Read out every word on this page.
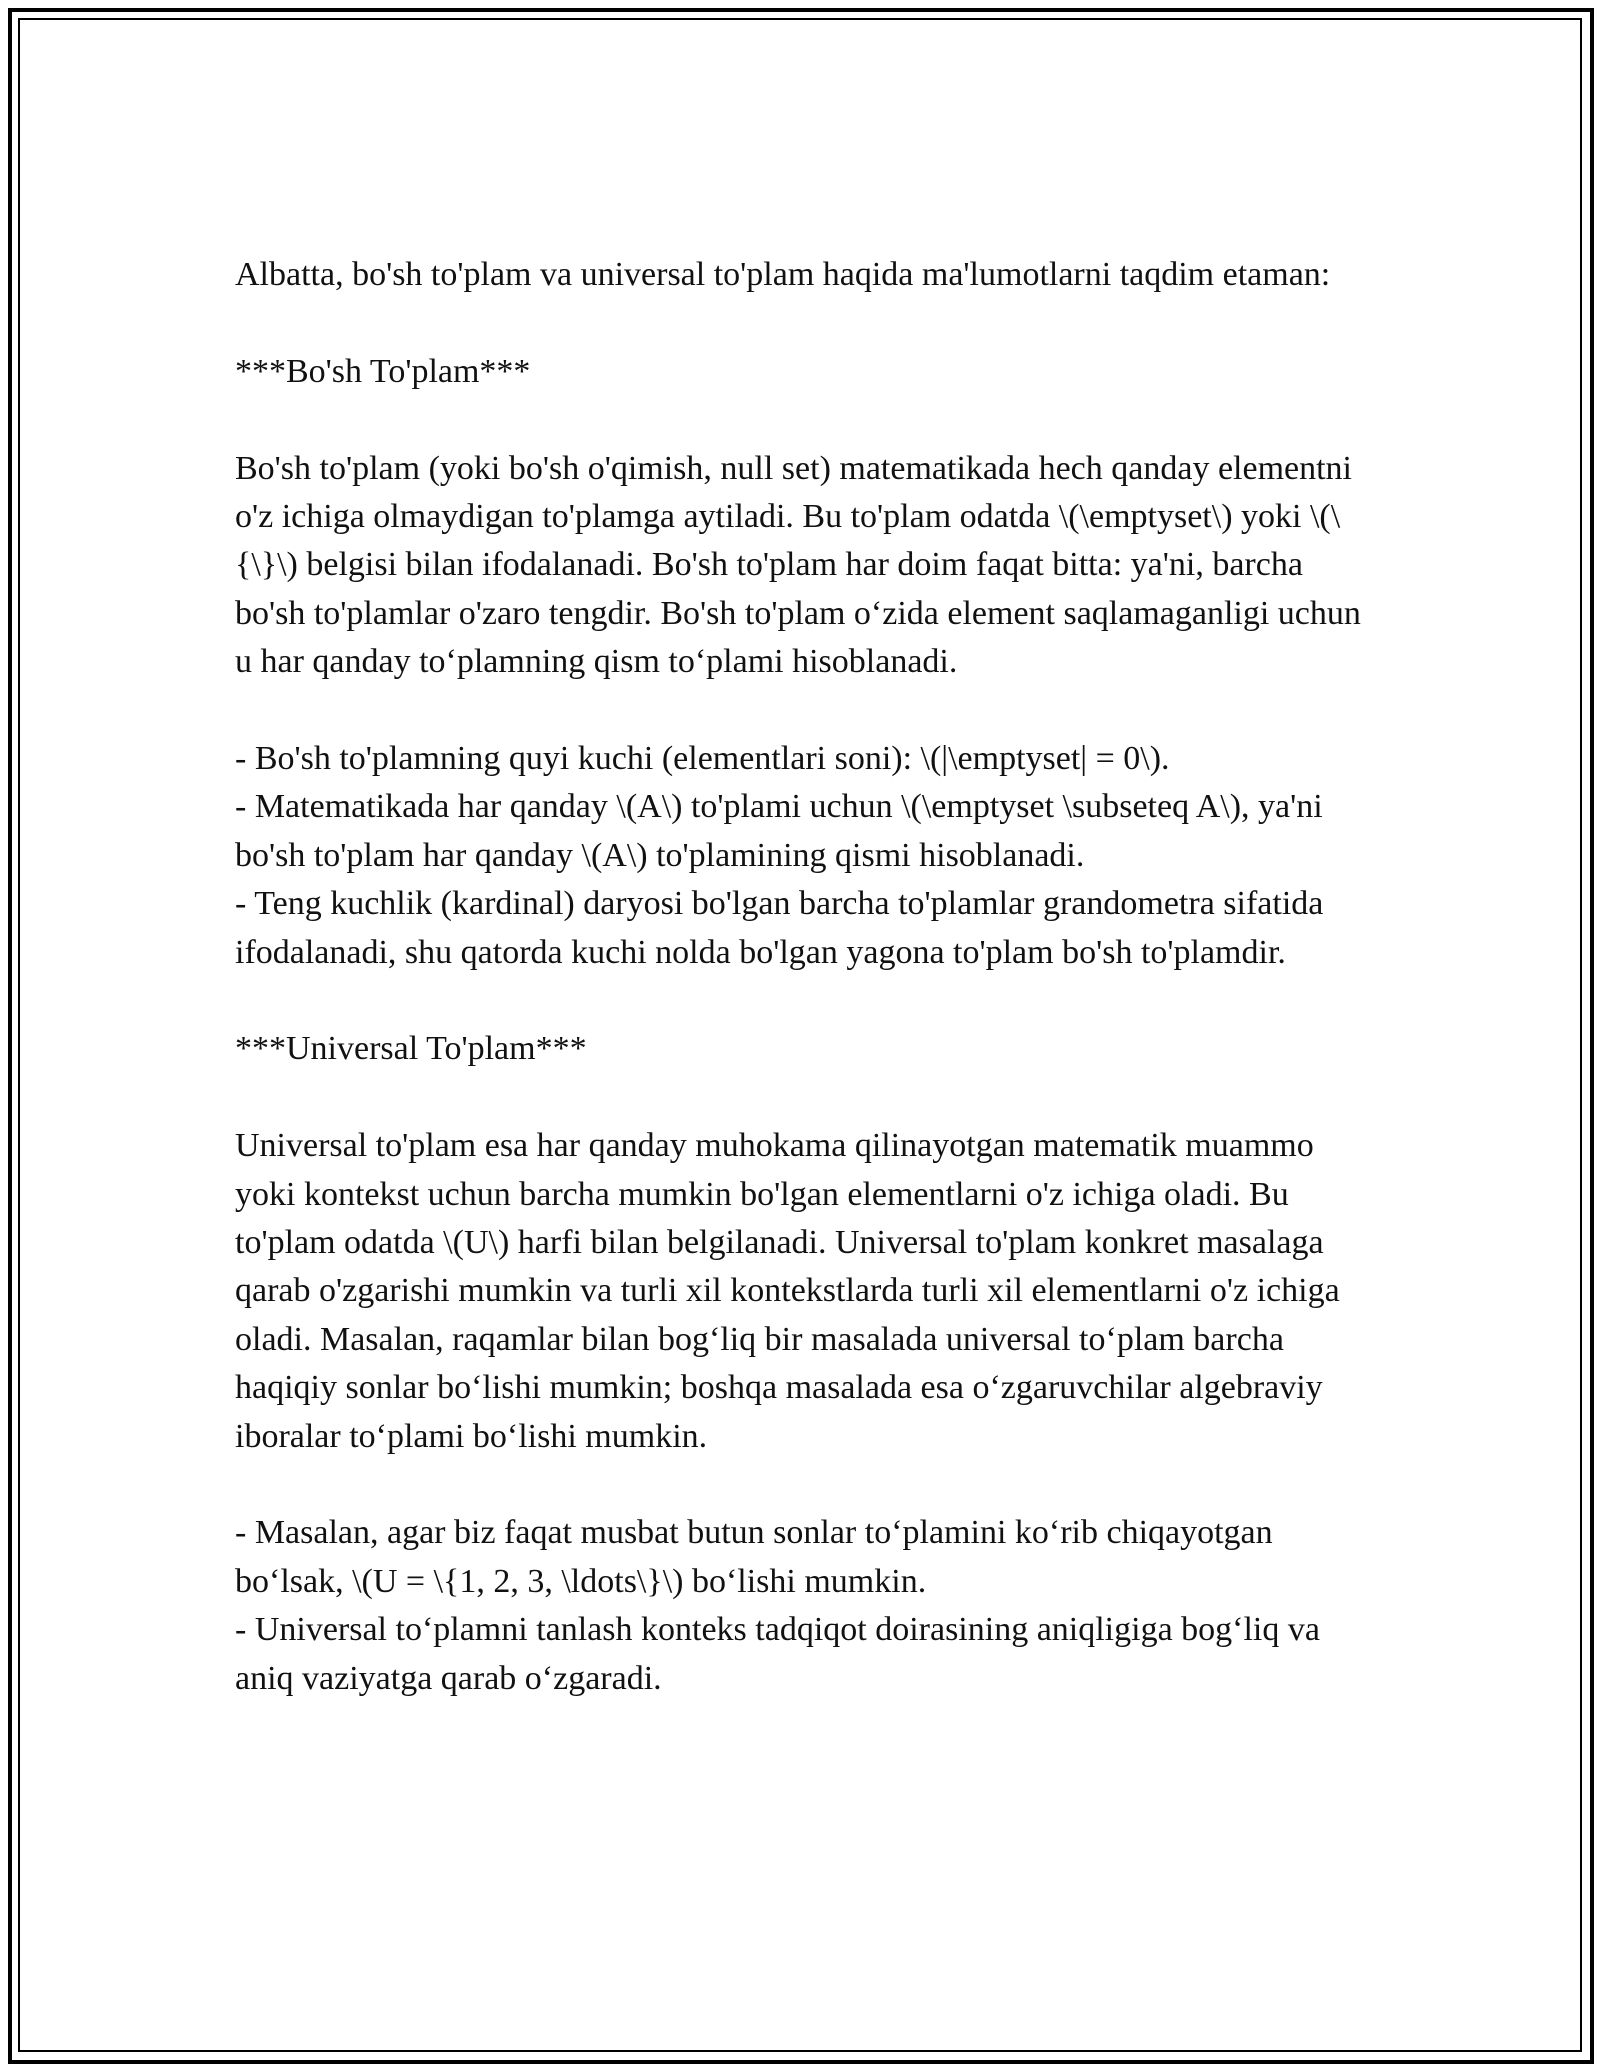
Albatta, bo'sh to'plam va universal to'plam haqida ma'lumotlarni taqdim etaman:

***Bo'sh To'plam***

Bo'sh to'plam (yoki bo'sh o'qimish, null set) matematikada hech qanday elementni o'z ichiga olmaydigan to'plamga aytiladi. Bu to'plam odatda \(\emptyset\) yoki \(\{\}\) belgisi bilan ifodalanadi. Bo'sh to'plam har doim faqat bitta: ya'ni, barcha bo'sh to'plamlar o'zaro tengdir. Bo'sh to'plam o‘zida element saqlamaganligi uchun u har qanday to‘plamning qism to‘plami hisoblanadi.

- Bo'sh to'plamning quyi kuchi (elementlari soni): \(|\emptyset| = 0\).
- Matematikada har qanday \(A\) to'plami uchun \(\emptyset \subseteq A\), ya'ni bo'sh to'plam har qanday \(A\) to'plamining qismi hisoblanadi.
- Teng kuchlik (kardinal) daryosi bo'lgan barcha to'plamlar grandometra sifatida ifodalanadi, shu qatorda kuchi nolda bo'lgan yagona to'plam bo'sh to'plamdir.

***Universal To'plam***

Universal to'plam esa har qanday muhokama qilinayotgan matematik muammo yoki kontekst uchun barcha mumkin bo'lgan elementlarni o'z ichiga oladi. Bu to'plam odatda \(U\) harfi bilan belgilanadi. Universal to'plam konkret masalaga qarab o'zgarishi mumkin va turli xil kontekstlarda turli xil elementlarni o'z ichiga oladi. Masalan, raqamlar bilan bog‘liq bir masalada universal to‘plam barcha haqiqiy sonlar bo‘lishi mumkin; boshqa masalada esa o‘zgaruvchilar algebraviy iboralar to‘plami bo‘lishi mumkin.

- Masalan, agar biz faqat musbat butun sonlar to‘plamini ko‘rib chiqayotgan bo‘lsak, \(U = \{1, 2, 3, \ldots\}\) bo‘lishi mumkin.
- Universal to‘plamni tanlash konteks tadqiqot doirasining aniqligiga bog‘liq va aniq vaziyatga qarab o‘zgaradi.
